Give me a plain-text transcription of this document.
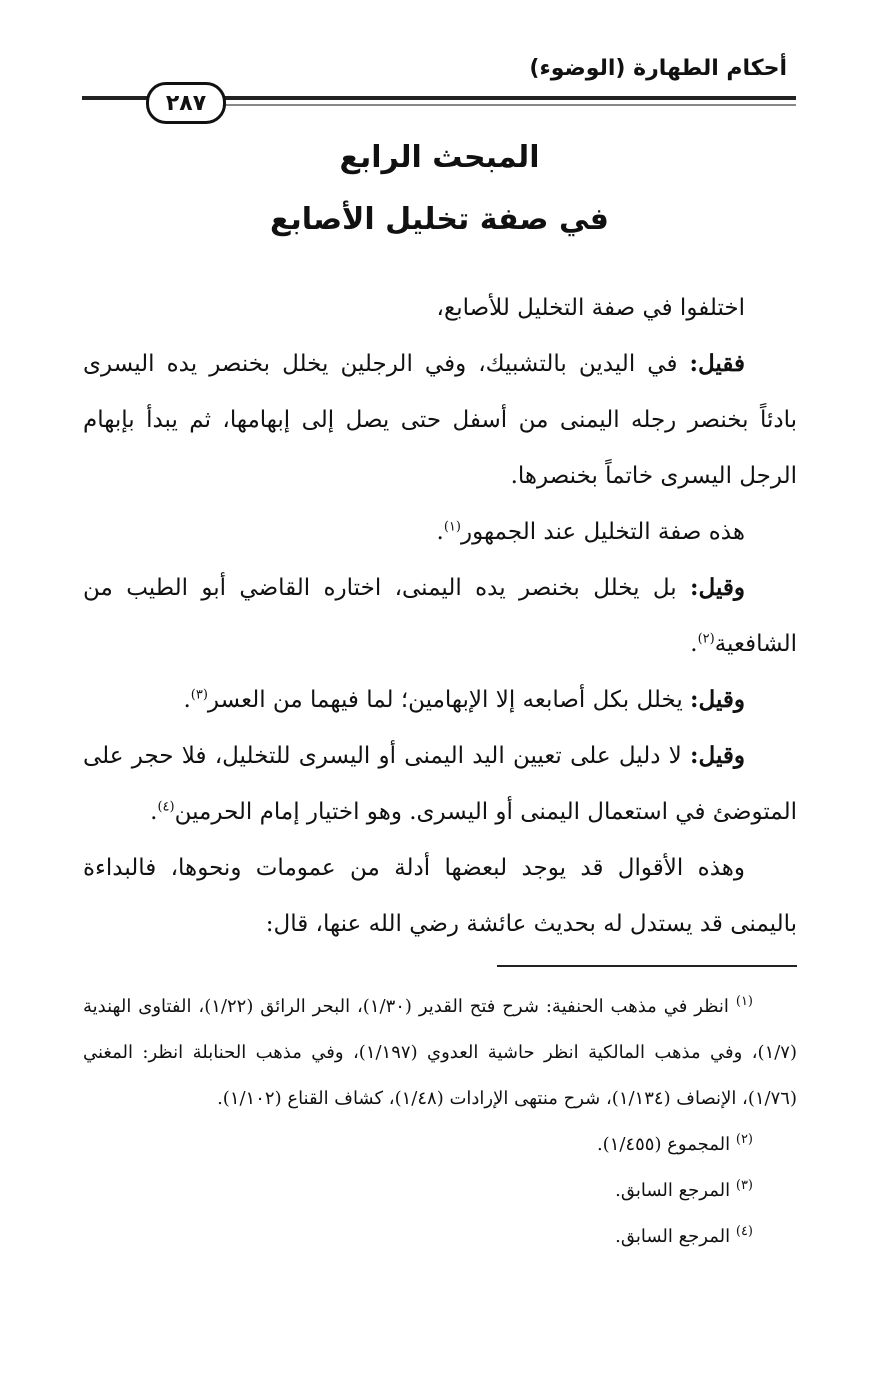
أحكام الطهارة (الوضوء)
٢٨٧
المبحث الرابع
في صفة تخليل الأصابع

اختلفوا في صفة التخليل للأصابع،

فقيل: في اليدين بالتشبيك، وفي الرجلين يخلل بخنصر يده اليسرى بادئاً بخنصر رجله اليمنى من أسفل حتى يصل إلى إبهامها، ثم يبدأ بإبهام الرجل اليسرى خاتماً بخنصرها.

هذه صفة التخليل عند الجمهور$^{(١)}$.

وقيل: بل يخلل بخنصر يده اليمنى، اختاره القاضي أبو الطيب من الشافعية$^{(٢)}$.

وقيل: يخلل بكل أصابعه إلا الإبهامين؛ لما فيهما من العسر$^{(٣)}$.

وقيل: لا دليل على تعيين اليد اليمنى أو اليسرى للتخليل، فلا حجر على المتوضئ في استعمال اليمنى أو اليسرى. وهو اختيار إمام الحرمين$^{(٤)}$.

وهذه الأقوال قد يوجد لبعضها أدلة من عمومات ونحوها، فالبداءة باليمنى قد يستدل له بحديث عائشة رضي الله عنها، قال:

$^{(١)}$ انظر في مذهب الحنفية: شرح فتح القدير (١/٣٠)، البحر الرائق (١/٢٢)، الفتاوى الهندية (١/٧)، وفي مذهب المالكية انظر حاشية العدوي (١/١٩٧)، وفي مذهب الحنابلة انظر: المغني (١/٧٦)، الإنصاف (١/١٣٤)، شرح منتهى الإرادات (١/٤٨)، كشاف القناع (١/١٠٢).

$^{(٢)}$ المجموع (١/٤٥٥).

$^{(٣)}$ المرجع السابق.

$^{(٤)}$ المرجع السابق.
